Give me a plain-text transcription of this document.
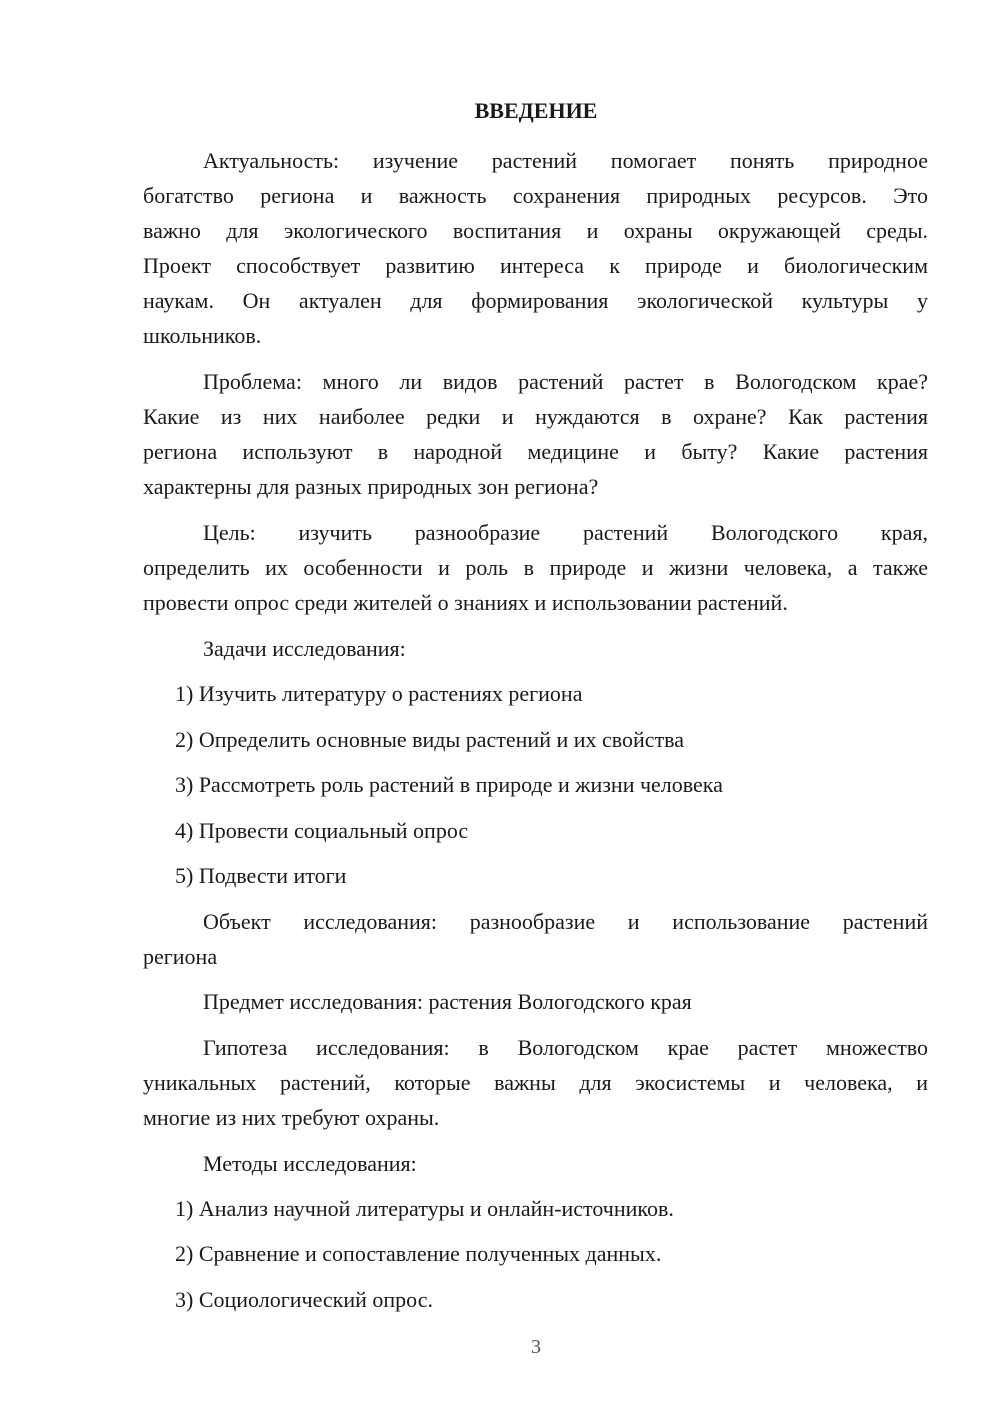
ВВЕДЕНИЕ
Актуальность: изучение растений помогает понять природное
богатство региона и важность сохранения природных ресурсов. Это
важно для экологического воспитания и охраны окружающей среды.
Проект способствует развитию интереса к природе и биологическим
наукам. Он актуален для формирования экологической культуры у
школьников.
Проблема: много ли видов растений растет в Вологодском крае?
Какие из них наиболее редки и нуждаются в охране? Как растения
региона используют в народной медицине и быту? Какие растения
характерны для разных природных зон региона?
Цель: изучить разнообразие растений Вологодского края,
определить их особенности и роль в природе и жизни человека, а также
провести опрос среди жителей о знаниях и использовании растений.
Задачи исследования:
1) Изучить литературу о растениях региона
2) Определить основные виды растений и их свойства
3) Рассмотреть роль растений в природе и жизни человека
4) Провести социальный опрос
5) Подвести итоги
Объект исследования: разнообразие и использование растений
региона
Предмет исследования: растения Вологодского края
Гипотеза исследования: в Вологодском крае растет множество
уникальных растений, которые важны для экосистемы и человека, и
многие из них требуют охраны.
Методы исследования:
1) Анализ научной литературы и онлайн-источников.
2) Сравнение и сопоставление полученных данных.
3) Социологический опрос.
3
